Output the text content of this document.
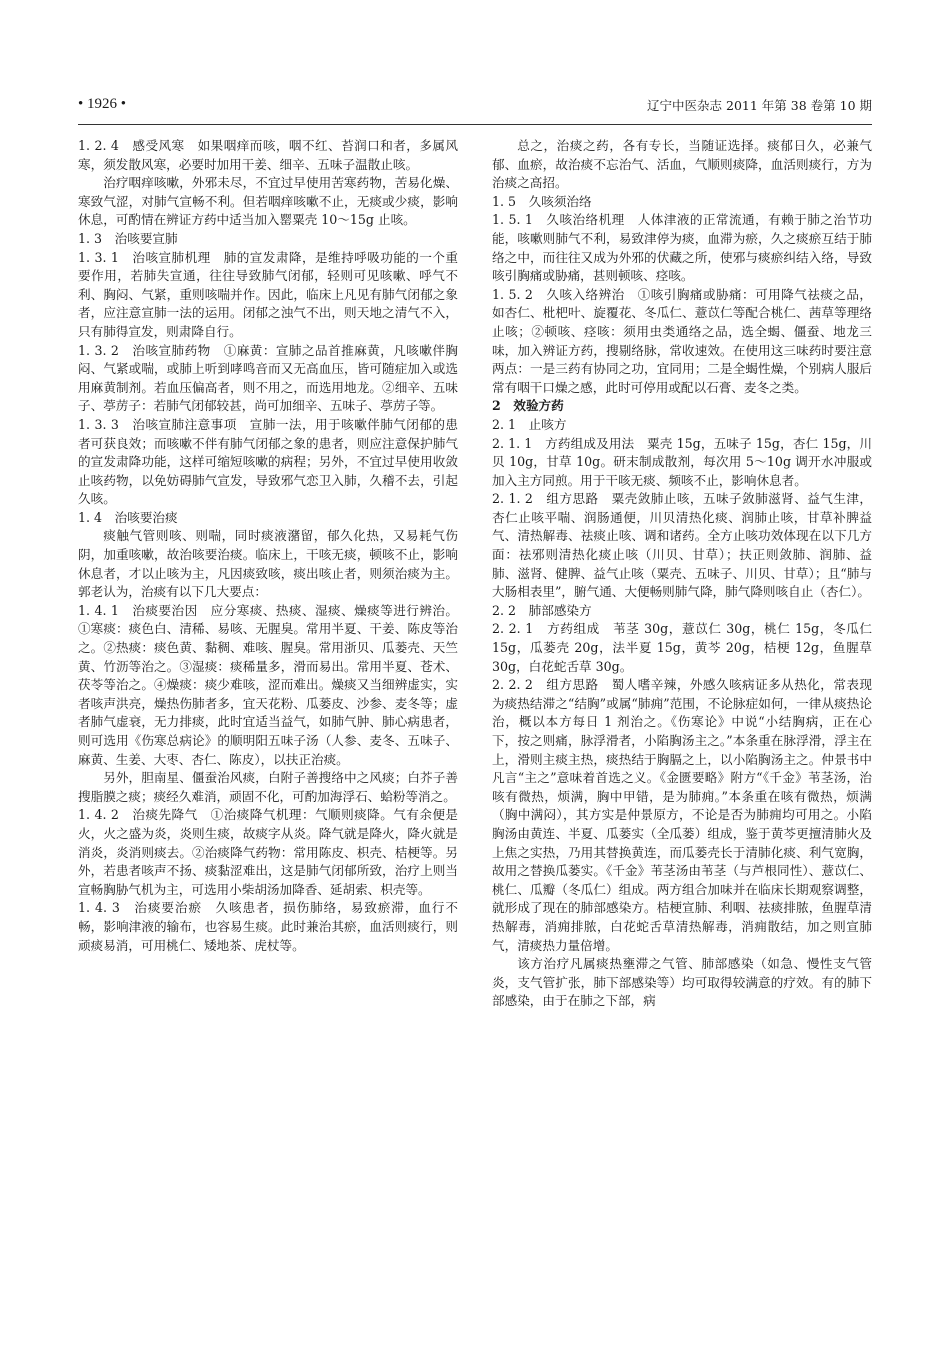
• 1926 •	辽宁中医杂志 2011 年第 38 卷第 10 期

1. 2. 4　感受风寒　如果咽痒而咳，咽不红、苔润口和者，多属风寒，须发散风寒，必要时加用干姜、细辛、五味子温散止咳。

治疗咽痒咳嗽，外邪未尽，不宜过早使用苦寒药物，苦易化燥、寒致气涩，对肺气宣畅不利。但若咽痒咳嗽不止，无痰或少痰，影响休息，可酌情在辨证方药中适当加入罂粟壳 10～15g 止咳。

1. 3　治咳要宣肺

1. 3. 1　治咳宣肺机理　肺的宣发肃降，是维持呼吸功能的一个重要作用，若肺失宣通，往往导致肺气闭郁，轻则可见咳嗽、呼气不利、胸闷、气紧，重则咳喘并作。因此，临床上凡见有肺气闭郁之象者，应注意宣肺一法的运用。闭郁之浊气不出，则天地之清气不入，只有肺得宣发，则肃降自行。

1. 3. 2　治咳宣肺药物　①麻黄：宣肺之品首推麻黄，凡咳嗽伴胸闷、气紧或喘，或肺上听到哮鸣音而又无高血压，皆可随症加入或选用麻黄制剂。若血压偏高者，则不用之，而选用地龙。②细辛、五味子、葶苈子：若肺气闭郁较甚，尚可加细辛、五味子、葶苈子等。

1. 3. 3　治咳宣肺注意事项　宣肺一法，用于咳嗽伴肺气闭郁的患者可获良效；而咳嗽不伴有肺气闭郁之象的患者，则应注意保护肺气的宣发肃降功能，这样可缩短咳嗽的病程；另外，不宜过早使用收敛止咳药物，以免妨碍肺气宣发，导致邪气恋卫入肺，久稽不去，引起久咳。

1. 4　治咳要治痰

痰触气管则咳、则喘，同时痰液潴留，郁久化热，又易耗气伤阴，加重咳嗽，故治咳要治痰。临床上，干咳无痰，顿咳不止，影响休息者，才以止咳为主，凡因痰致咳，痰出咳止者，则须治痰为主。郭老认为，治痰有以下几大要点：

1. 4. 1　治痰要治因　应分寒痰、热痰、湿痰、燥痰等进行辨治。①寒痰：痰色白、清稀、易咳、无腥臭。常用半夏、干姜、陈皮等治之。②热痰：痰色黄、黏稠、难咳、腥臭。常用浙贝、瓜蒌壳、天竺黄、竹沥等治之。③湿痰：痰稀量多，滑而易出。常用半夏、苍术、茯苓等治之。④燥痰：痰少难咳，涩而难出。燥痰又当细辨虚实，实者咳声洪亮，燥热伤肺者多，宜天花粉、瓜蒌皮、沙参、麦冬等；虚者肺气虚衰，无力排痰，此时宜适当益气，如肺气肿、肺心病患者，则可选用《伤寒总病论》的顺明阳五味子汤（人参、麦冬、五味子、麻黄、生姜、大枣、杏仁、陈皮），以扶正治痰。

另外，胆南星、僵蚕治风痰，白附子善搜络中之风痰；白芥子善搜脂膜之痰；痰经久难消，顽固不化，可酌加海浮石、蛤粉等消之。

1. 4. 2　治痰先降气　①治痰降气机理：气顺则痰降。气有余便是火，火之盛为炎，炎则生痰，故痰字从炎。降气就是降火，降火就是消炎，炎消则痰去。②治痰降气药物：常用陈皮、枳壳、桔梗等。另外，若患者咳声不扬、痰黏涩难出，这是肺气闭郁所致，治疗上则当宣畅胸胁气机为主，可选用小柴胡汤加降香、延胡索、枳壳等。

1. 4. 3　治痰要治瘀　久咳患者，损伤肺络，易致瘀滞，血行不畅，影响津液的输布，也容易生痰。此时兼治其瘀，血活则痰行，则顽痰易消，可用桃仁、矮地茶、虎杖等。

总之，治痰之药，各有专长，当随证选择。痰郁日久，必兼气郁、血瘀，故治痰不忘治气、活血，气顺则痰降，血活则痰行，方为治痰之高招。

1. 5　久咳须治络

1. 5. 1　久咳治络机理　人体津液的正常流通，有赖于肺之治节功能，咳嗽则肺气不利，易致津停为痰，血滞为瘀，久之痰瘀互结于肺络之中，而往往又成为外邪的伏藏之所，使邪与痰瘀纠结入络，导致咳引胸痛或胁痛，甚则顿咳、痉咳。

1. 5. 2　久咳入络辨治　①咳引胸痛或胁痛：可用降气祛痰之品，如杏仁、枇杷叶、旋覆花、冬瓜仁、薏苡仁等配合桃仁、茜草等理络止咳；②顿咳、痉咳：须用虫类通络之品，选全蝎、僵蚕、地龙三味，加入辨证方药，搜剔络脉，常收速效。在使用这三味药时要注意两点：一是三药有协同之功，宜同用；二是全蝎性燥，个别病人服后常有咽干口燥之感，此时可停用或配以石膏、麦冬之类。

2　效验方药

2. 1　止咳方

2. 1. 1　方药组成及用法　粟壳 15g，五味子 15g，杏仁 15g，川贝 10g，甘草 10g。研末制成散剂，每次用 5～10g 调开水冲服或加入主方同煎。用于干咳无痰、频咳不止，影响休息者。

2. 1. 2　组方思路　粟壳敛肺止咳，五味子敛肺滋肾、益气生津，杏仁止咳平喘、润肠通便，川贝清热化痰、润肺止咳，甘草补脾益气、清热解毒、祛痰止咳、调和诸药。全方止咳功效体现在以下几方面：祛邪则清热化痰止咳（川贝、甘草）；扶正则敛肺、润肺、益肺、滋肾、健脾、益气止咳（粟壳、五味子、川贝、甘草）；且“肺与大肠相表里”，腑气通、大便畅则肺气降，肺气降则咳自止（杏仁）。

2. 2　肺部感染方

2. 2. 1　方药组成　苇茎 30g，薏苡仁 30g，桃仁 15g，冬瓜仁 15g，瓜蒌壳 20g，法半夏 15g，黄芩 20g，桔梗 12g，鱼腥草 30g，白花蛇舌草 30g。

2. 2. 2　组方思路　蜀人嗜辛辣，外感久咳病证多从热化，常表现为痰热结滞之“结胸”或属“肺痈”范围，不论脉症如何，一律从痰热论治，概以本方每日 1 剂治之。《伤寒论》中说“小结胸病，正在心下，按之则痛，脉浮滑者，小陷胸汤主之。”本条重在脉浮滑，浮主在上，滑则主痰主热，痰热结于胸膈之上，以小陷胸汤主之。仲景书中凡言“主之”意味着首选之义。《金匮要略》附方“《千金》苇茎汤，治咳有微热，烦满，胸中甲错，是为肺痈。”本条重在咳有微热，烦满（胸中满闷），其方实是仲景原方，不论是否为肺痈均可用之。小陷胸汤由黄连、半夏、瓜蒌实（全瓜蒌）组成，鉴于黄芩更擅清肺火及上焦之实热，乃用其替换黄连，而瓜蒌壳长于清肺化痰、利气宽胸，故用之替换瓜蒌实。《千金》苇茎汤由苇茎（与芦根同性）、薏苡仁、桃仁、瓜瓣（冬瓜仁）组成。两方组合加味并在临床长期观察调整，就形成了现在的肺部感染方。桔梗宣肺、利咽、祛痰排脓，鱼腥草清热解毒，消痈排脓，白花蛇舌草清热解毒，消痈散结，加之则宣肺气，清痰热力量倍增。

该方治疗凡属痰热壅滞之气管、肺部感染（如急、慢性支气管炎，支气管扩张，肺下部感染等）均可取得较满意的疗效。有的肺下部感染，由于在肺之下部，病
